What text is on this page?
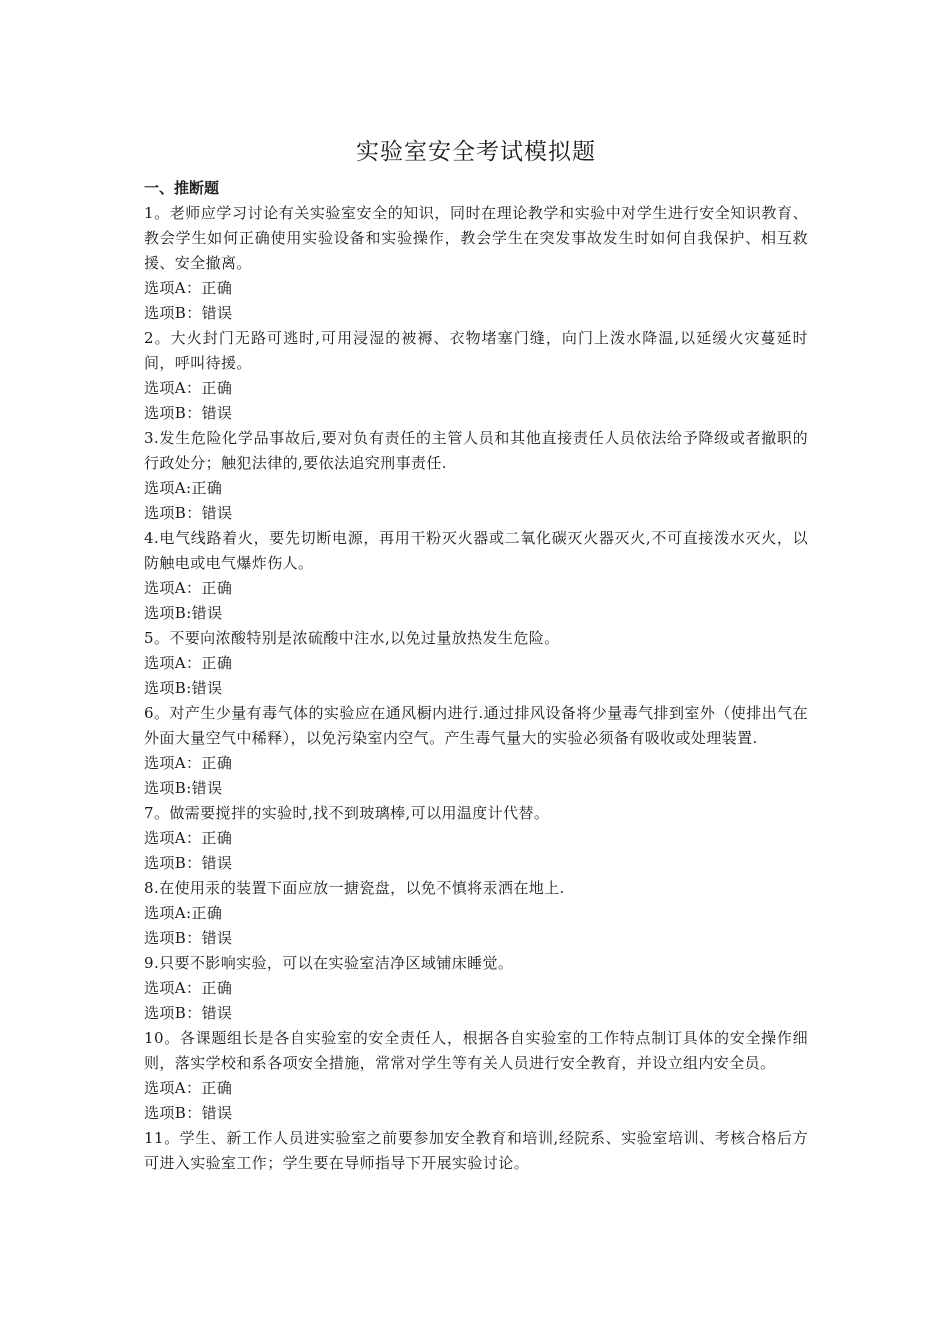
实验室安全考试模拟题
一、推断题

1。老师应学习讨论有关实验室安全的知识，同时在理论教学和实验中对学生进行安全知识教育、教会学生如何正确使用实验设备和实验操作，教会学生在突发事故发生时如何自我保护、相互救援、安全撤离。

选项A：正确

选项B：错误

2。大火封门无路可逃时,可用浸湿的被褥、衣物堵塞门缝，向门上泼水降温,以延缓火灾蔓延时间，呼叫待援。

选项A：正确

选项B：错误

3.发生危险化学品事故后,要对负有责任的主管人员和其他直接责任人员依法给予降级或者撤职的行政处分；触犯法律的,要依法追究刑事责任.

选项A:正确

选项B：错误

4.电气线路着火，要先切断电源，再用干粉灭火器或二氧化碳灭火器灭火,不可直接泼水灭火，以防触电或电气爆炸伤人。

选项A：正确

选项B:错误

5。不要向浓酸特别是浓硫酸中注水,以免过量放热发生危险。

选项A：正确

选项B:错误

6。对产生少量有毒气体的实验应在通风橱内进行.通过排风设备将少量毒气排到室外（使排出气在外面大量空气中稀释），以免污染室内空气。产生毒气量大的实验必须备有吸收或处理装置.

选项A：正确

选项B:错误

7。做需要搅拌的实验时,找不到玻璃棒,可以用温度计代替。

选项A：正确

选项B：错误

8.在使用汞的装置下面应放一搪瓷盘，以免不慎将汞洒在地上.

选项A:正确

选项B：错误

9.只要不影响实验，可以在实验室洁净区域铺床睡觉。

选项A：正确

选项B：错误

10。各课题组长是各自实验室的安全责任人，根据各自实验室的工作特点制订具体的安全操作细则，落实学校和系各项安全措施，常常对学生等有关人员进行安全教育，并设立组内安全员。

选项A：正确

选项B：错误

11。学生、新工作人员进实验室之前要参加安全教育和培训,经院系、实验室培训、考核合格后方可进入实验室工作；学生要在导师指导下开展实验讨论。
